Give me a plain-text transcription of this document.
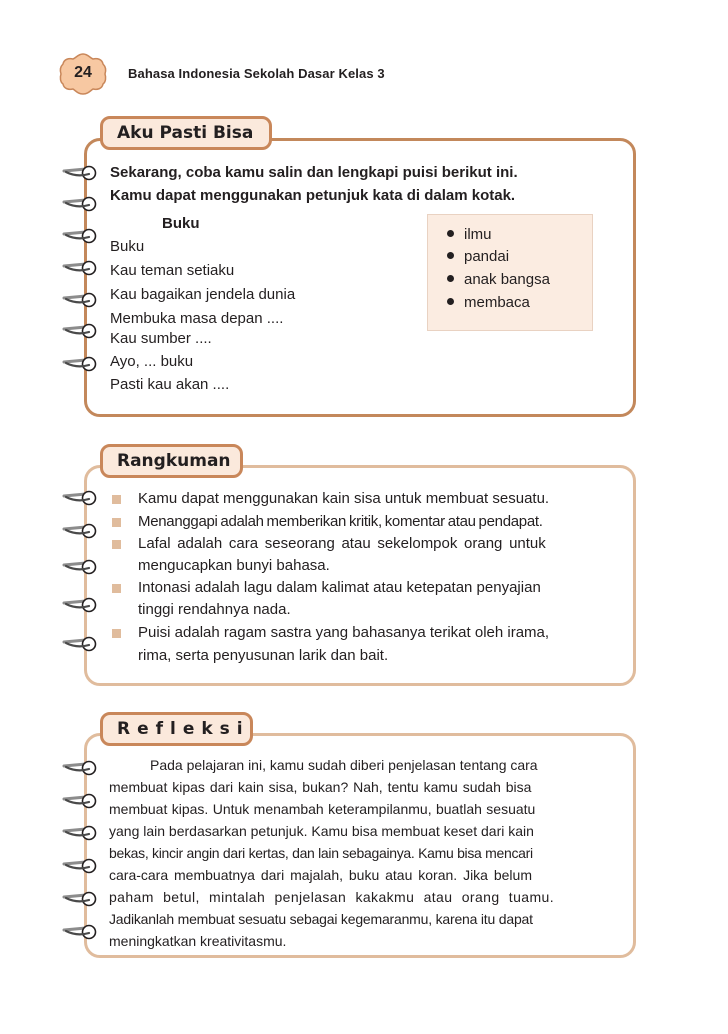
24	Bahasa Indonesia Sekolah Dasar Kelas 3
Aku Pasti Bisa
Sekarang, coba kamu salin dan lengkapi puisi berikut ini.
Kamu dapat menggunakan petunjuk kata di dalam kotak.
Buku
Buku
Kau teman setiaku
Kau bagaikan jendela dunia
Membuka masa depan ....
Kau sumber ....
Ayo, ... buku
Pasti kau akan ....
ilmu
pandai
anak bangsa
membaca
Rangkuman
Kamu dapat menggunakan kain sisa untuk membuat sesuatu.
Menanggapi adalah memberikan kritik, komentar atau pendapat.
Lafal adalah cara seseorang atau sekelompok orang untuk
mengucapkan bunyi bahasa.
Intonasi adalah lagu dalam kalimat atau ketepatan penyajian
tinggi rendahnya nada.
Puisi adalah ragam sastra yang bahasanya terikat oleh irama,
rima, serta penyusunan larik dan bait.
Refleksi
Pada pelajaran ini, kamu sudah diberi penjelasan tentang cara
membuat kipas dari kain sisa, bukan? Nah, tentu kamu sudah bisa
membuat kipas. Untuk menambah keterampilanmu, buatlah sesuatu
yang lain berdasarkan petunjuk. Kamu bisa membuat keset dari kain
bekas, kincir angin dari kertas, dan lain sebagainya. Kamu bisa mencari
cara-cara membuatnya dari majalah, buku atau koran. Jika belum
paham betul, mintalah penjelasan kakakmu atau orang tuamu.
Jadikanlah membuat sesuatu sebagai kegemaranmu, karena itu dapat
meningkatkan kreativitasmu.
